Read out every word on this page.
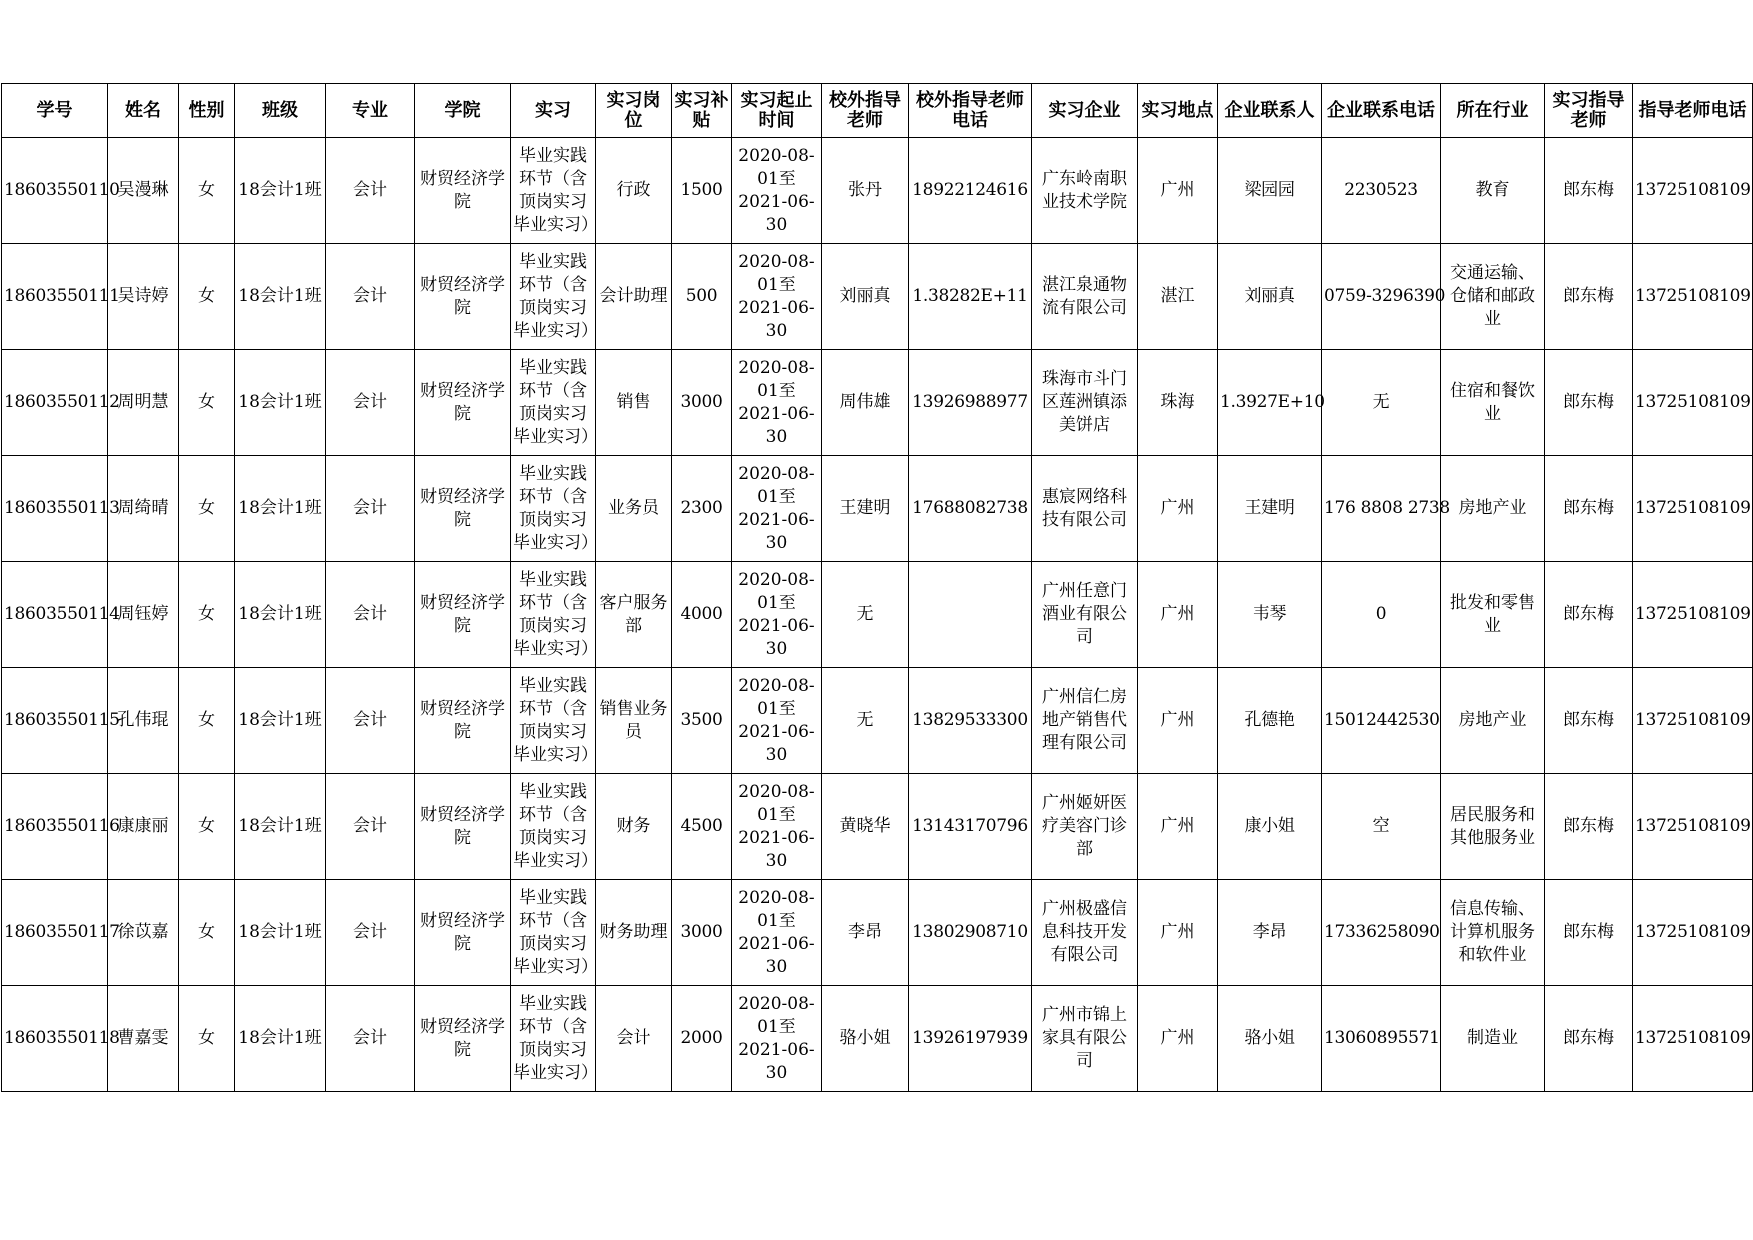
学号	姓名	性别	班级	专业	学院	实习	实习岗位	实习补贴	实习起止时间	校外指导老师	校外指导老师电话	实习企业	实习地点	企业联系人	企业联系电话	所在行业	实习指导老师	指导老师电话
18603550110	吴漫琳	女	18会计1班	会计	财贸经济学院	毕业实践环节（含顶岗实习毕业实习）	行政	1500	2020-08-01至2021-06-30	张丹	18922124616	广东岭南职业技术学院	广州	梁园园	2230523	教育	郎东梅	13725108109
18603550111	吴诗婷	女	18会计1班	会计	财贸经济学院	毕业实践环节（含顶岗实习毕业实习）	会计助理	500	2020-08-01至2021-06-30	刘丽真	1.38282E+11	湛江泉通物流有限公司	湛江	刘丽真	0759-3296390	交通运输、仓储和邮政业	郎东梅	13725108109
18603550112	周明慧	女	18会计1班	会计	财贸经济学院	毕业实践环节（含顶岗实习毕业实习）	销售	3000	2020-08-01至2021-06-30	周伟雄	13926988977	珠海市斗门区莲洲镇添美饼店	珠海	1.3927E+10	无	住宿和餐饮业	郎东梅	13725108109
18603550113	周绮晴	女	18会计1班	会计	财贸经济学院	毕业实践环节（含顶岗实习毕业实习）	业务员	2300	2020-08-01至2021-06-30	王建明	17688082738	惠宸网络科技有限公司	广州	王建明	176 8808 2738	房地产业	郎东梅	13725108109
18603550114	周钰婷	女	18会计1班	会计	财贸经济学院	毕业实践环节（含顶岗实习毕业实习）	客户服务部	4000	2020-08-01至2021-06-30	无		广州任意门酒业有限公司	广州	韦琴	0	批发和零售业	郎东梅	13725108109
18603550115	孔伟琨	女	18会计1班	会计	财贸经济学院	毕业实践环节（含顶岗实习毕业实习）	销售业务员	3500	2020-08-01至2021-06-30	无	13829533300	广州信仁房地产销售代理有限公司	广州	孔德艳	15012442530	房地产业	郎东梅	13725108109
18603550116	康康丽	女	18会计1班	会计	财贸经济学院	毕业实践环节（含顶岗实习毕业实习）	财务	4500	2020-08-01至2021-06-30	黄晓华	13143170796	广州姬妍医疗美容门诊部	广州	康小姐	空	居民服务和其他服务业	郎东梅	13725108109
18603550117	徐苡嘉	女	18会计1班	会计	财贸经济学院	毕业实践环节（含顶岗实习毕业实习）	财务助理	3000	2020-08-01至2021-06-30	李昂	13802908710	广州极盛信息科技开发有限公司	广州	李昂	17336258090	信息传输、计算机服务和软件业	郎东梅	13725108109
18603550118	曹嘉雯	女	18会计1班	会计	财贸经济学院	毕业实践环节（含顶岗实习毕业实习）	会计	2000	2020-08-01至2021-06-30	骆小姐	13926197939	广州市锦上家具有限公司	广州	骆小姐	13060895571	制造业	郎东梅	13725108109
